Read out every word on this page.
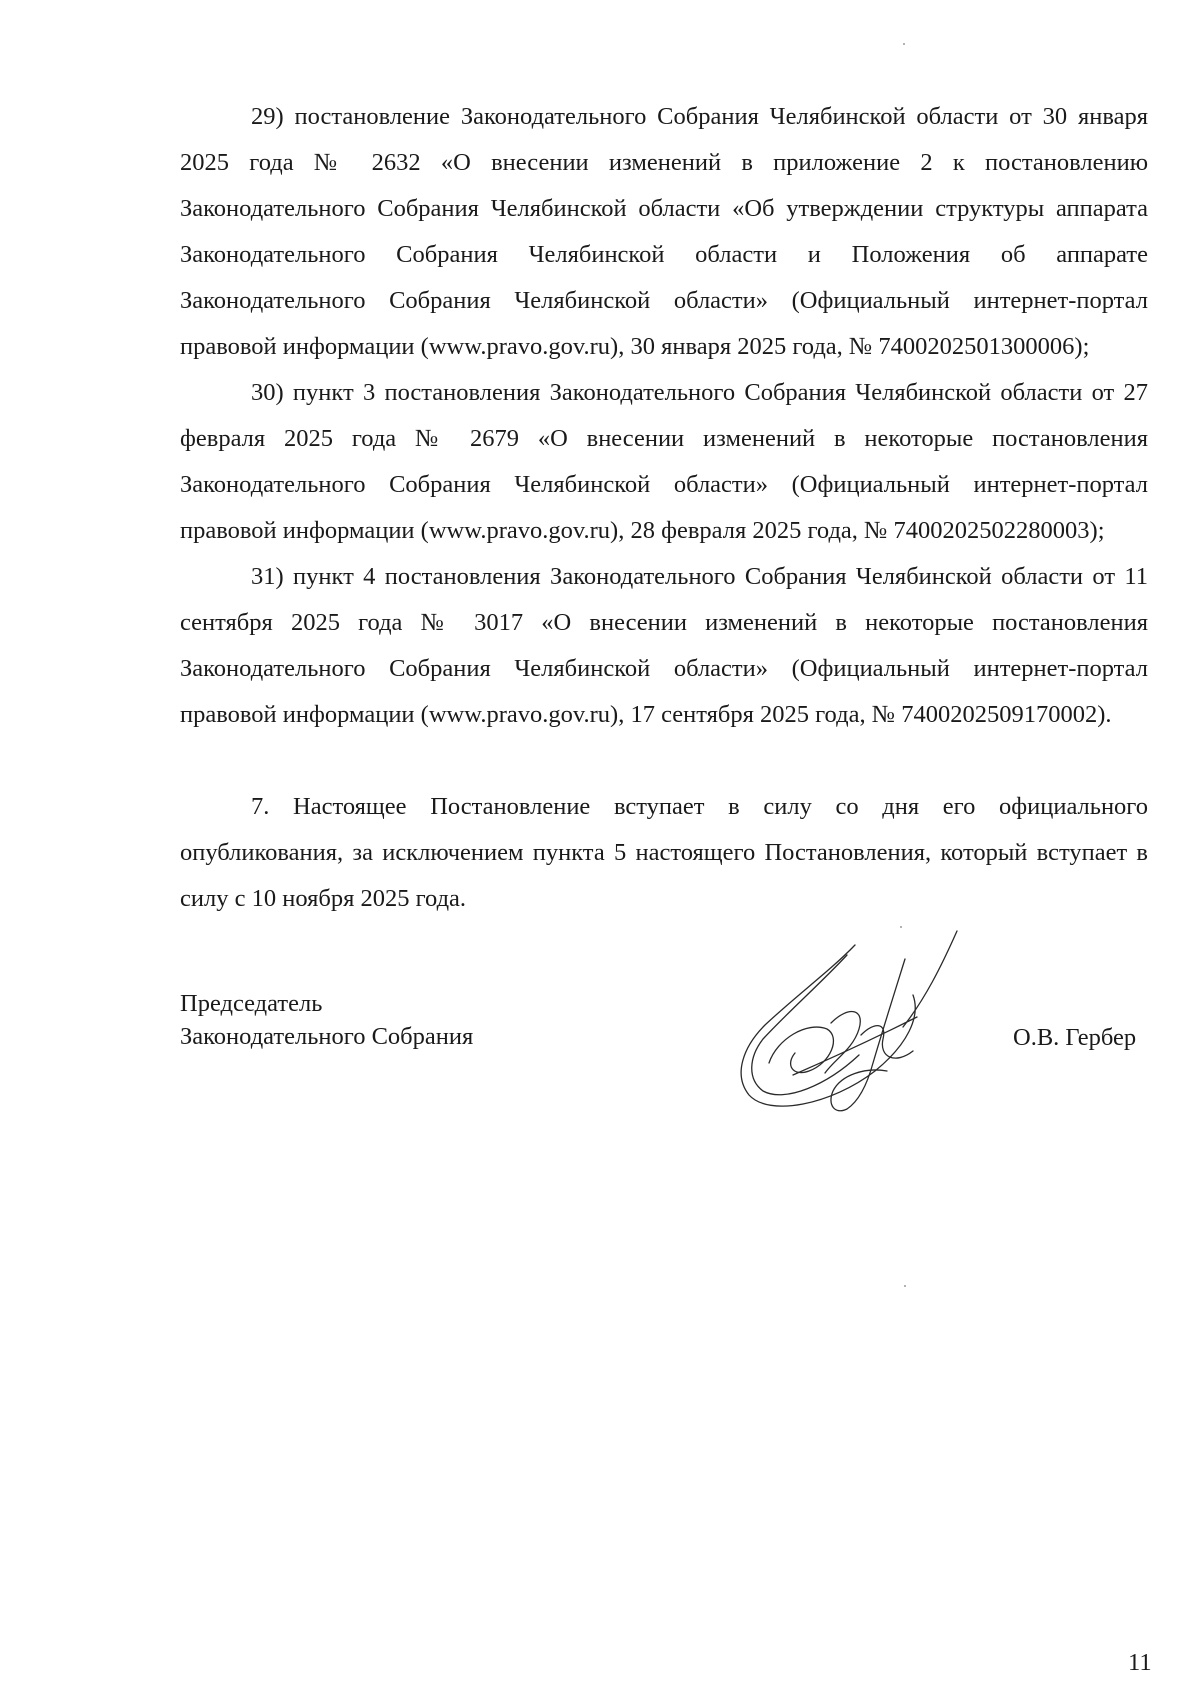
29) постановление Законодательного Собрания Челябинской области от 30 января 2025 года № 2632 «О внесении изменений в приложение 2 к постановлению Законодательного Собрания Челябинской области «Об утверждении структуры аппарата Законодательного Собрания Челябинской области и Положения об аппарате Законодательного Собрания Челябинской области» (Официальный интернет-портал правовой информации (www.pravo.gov.ru), 30 января 2025 года, № 7400202501300006);

30) пункт 3 постановления Законодательного Собрания Челябинской области от 27 февраля 2025 года № 2679 «О внесении изменений в некоторые постановления Законодательного Собрания Челябинской области» (Официальный интернет-портал правовой информации (www.pravo.gov.ru), 28 февраля 2025 года, № 7400202502280003);

31) пункт 4 постановления Законодательного Собрания Челябинской области от 11 сентября 2025 года № 3017 «О внесении изменений в некоторые постановления Законодательного Собрания Челябинской области» (Официальный интернет-портал правовой информации (www.pravo.gov.ru), 17 сентября 2025 года, № 7400202509170002).

7. Настоящее Постановление вступает в силу со дня его официального опубликования, за исключением пункта 5 настоящего Постановления, который вступает в силу с 10 ноября 2025 года.

Председатель
Законодательного Собрания	О.В. Гербер
11
